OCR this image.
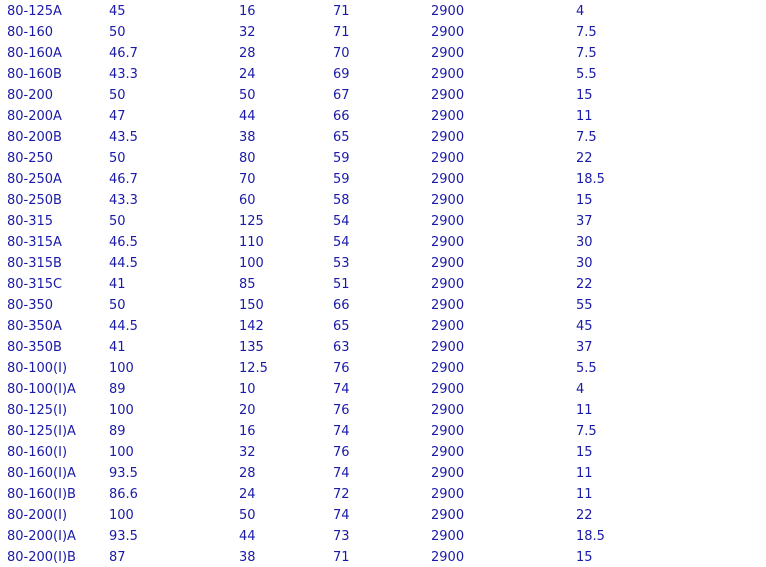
80-125A	45	16	71	2900	4
80-160	50	32	71	2900	7.5
80-160A	46.7	28	70	2900	7.5
80-160B	43.3	24	69	2900	5.5
80-200	50	50	67	2900	15
80-200A	47	44	66	2900	11
80-200B	43.5	38	65	2900	7.5
80-250	50	80	59	2900	22
80-250A	46.7	70	59	2900	18.5
80-250B	43.3	60	58	2900	15
80-315	50	125	54	2900	37
80-315A	46.5	110	54	2900	30
80-315B	44.5	100	53	2900	30
80-315C	41	85	51	2900	22
80-350	50	150	66	2900	55
80-350A	44.5	142	65	2900	45
80-350B	41	135	63	2900	37
80-100(I)	100	12.5	76	2900	5.5
80-100(I)A	89	10	74	2900	4
80-125(I)	100	20	76	2900	11
80-125(I)A	89	16	74	2900	7.5
80-160(I)	100	32	76	2900	15
80-160(I)A	93.5	28	74	2900	11
80-160(I)B	86.6	24	72	2900	11
80-200(I)	100	50	74	2900	22
80-200(I)A	93.5	44	73	2900	18.5
80-200(I)B	87	38	71	2900	15
